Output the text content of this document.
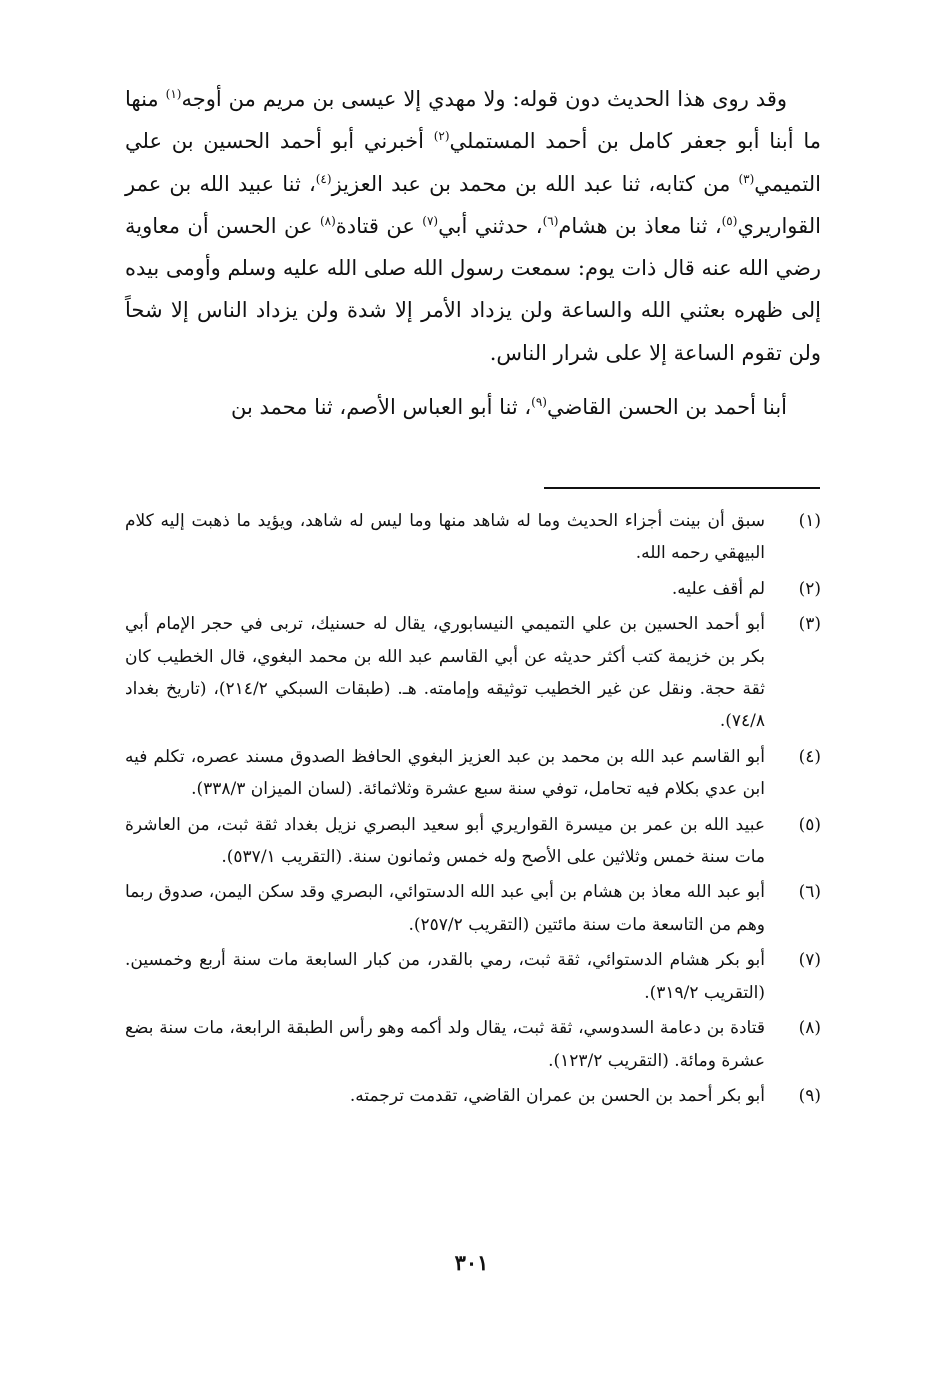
وقد روى هذا الحديث دون قوله: ولا مهدي إلا عيسى بن مريم من أوجه$^{(١)}$ منها ما أبنا أبو جعفر كامل بن أحمد المستملي$^{(٢)}$ أخبرني أبو أحمد الحسين بن علي التميمي$^{(٣)}$ من كتابه، ثنا عبد الله بن محمد بن عبد العزيز$^{(٤)}$، ثنا عبيد الله بن عمر القواريري$^{(٥)}$، ثنا معاذ بن هشام$^{(٦)}$، حدثني أبي$^{(٧)}$ عن قتادة$^{(٨)}$ عن الحسن أن معاوية رضي الله عنه قال ذات يوم: سمعت رسول الله صلى الله عليه وسلم وأومى بيده إلى ظهره بعثني الله والساعة ولن يزداد الأمر إلا شدة ولن يزداد الناس إلا شحاً ولن تقوم الساعة إلا على شرار الناس.

أبنا أحمد بن الحسن القاضي$^{(٩)}$، ثنا أبو العباس الأصم، ثنا محمد بن

(١)
سبق أن بينت أجزاء الحديث وما له شاهد منها وما ليس له شاهد، ويؤيد ما ذهبت إليه كلام البيهقي رحمه الله.
(٢)
لم أقف عليه.
(٣)
أبو أحمد الحسين بن علي التميمي النيسابوري، يقال له حسنيك، تربى في حجر الإمام أبي بكر بن خزيمة كتب أكثر حديثه عن أبي القاسم عبد الله بن محمد البغوي، قال الخطيب كان ثقة حجة. ونقل عن غير الخطيب توثيقه وإمامته. هـ. (طبقات السبكي ٢١٤/٢)، (تاريخ بغداد ٧٤/٨).
(٤)
أبو القاسم عبد الله بن محمد بن عبد العزيز البغوي الحافظ الصدوق مسند عصره، تكلم فيه ابن عدي بكلام فيه تحامل، توفي سنة سبع عشرة وثلاثمائة. (لسان الميزان ٣٣٨/٣).
(٥)
عبيد الله بن عمر بن ميسرة القواريري أبو سعيد البصري نزيل بغداد ثقة ثبت، من العاشرة مات سنة خمس وثلاثين على الأصح وله خمس وثمانون سنة. (التقريب ٥٣٧/١).
(٦)
أبو عبد الله معاذ بن هشام بن أبي عبد الله الدستوائي، البصري وقد سكن اليمن، صدوق ربما وهم من التاسعة مات سنة مائتين (التقريب ٢٥٧/٢).
(٧)
أبو بكر هشام الدستوائي، ثقة ثبت، رمي بالقدر، من كبار السابعة مات سنة أربع وخمسين. (التقريب ٣١٩/٢).
(٨)
قتادة بن دعامة السدوسي، ثقة ثبت، يقال ولد أكمه وهو رأس الطبقة الرابعة، مات سنة بضع عشرة ومائة. (التقريب ١٢٣/٢).
(٩)
أبو بكر أحمد بن الحسن بن عمران القاضي، تقدمت ترجمته.
٣٠١
